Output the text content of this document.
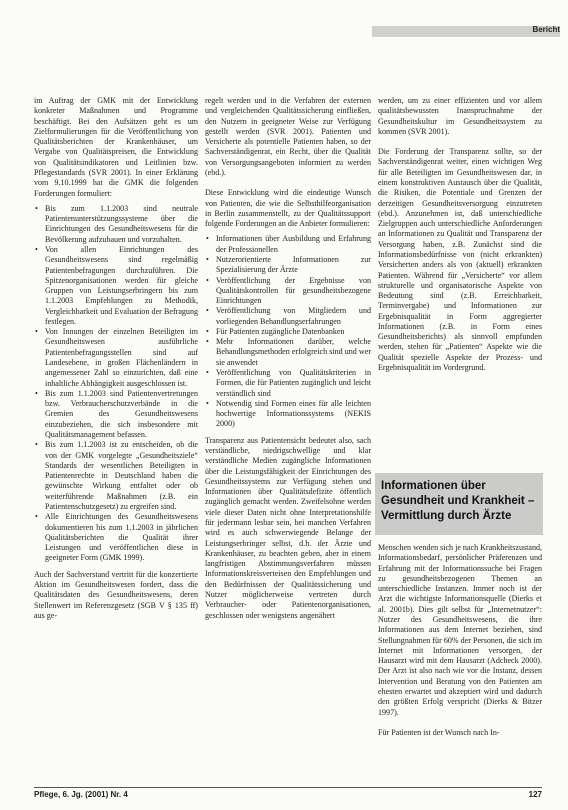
Bericht

im Auftrag der GMK mit der Entwicklung konkreter Maßnahmen und Programme beschäftigt. Bei den Aufsätzen geht es um Zielformulierungen für die Veröffentlichung von Qualitätsberichten der Krankenhäuser, um Vergabe von Qualitätspreisen, die Entwicklung von Qualitätsindikatoren und Leitlinien bzw. Pflegestandards (SVR 2001). In einer Erklärung vom 9.10.1999 hat die GMK die folgenden Forderungen formuliert:

• Bis zum 1.1.2003 sind neutrale Patientenunterstützungssysteme über die Einrichtungen des Gesundheitswesens für die Bevölkerung aufzubauen und vorzuhalten.
• Von allen Einrichtungen des Gesundheitswesens sind regelmäßig Patientenbefragungen durchzuführen. Die Spitzenorganisationen werden für gleiche Gruppen von Leistungserbringern bis zum 1.1.2003 Empfehlungen zu Methodik, Vergleichbarkeit und Evaluation der Befragung festlegen.
• Von Innungen der einzelnen Beteiligten im Gesundheitswesen ausführliche Patientenbefragungsstellen sind auf Landesebene, in großen Flächenländern in angemessener Zahl so einzurichten, daß eine inhaltliche Abhängigkeit ausgeschlossen ist.
• Bis zum 1.1.2003 sind Patientenvertretungen bzw. Verbraucherschutzverbände in die Gremien des Gesundheitswesens einzubeziehen, die sich insbesondere mit Qualitätsmanagement befassen.
• Bis zum 1.1.2003 ist zu entscheiden, ob die von der GMK vorgelegte „Gesundheitsziele“ Standards der wesentlichen Beteiligten in Patientenrechte in Deutschland haben die gewünschte Wirkung entfaltet oder ob weiterführende Maßnahmen (z.B. ein Patientenschutzgesetz) zu ergreifen sind.
• Alle Einrichtungen des Gesundheitswesens dokumentieren bis zum 1.1.2003 in jährlichen Qualitätsberichten die Qualität ihrer Leistungen und veröffentlichen diese in geeigneter Form (GMK 1999).

Auch der Sachverstand vertritt für die konzertierte Aktion im Gesundheitswesen fordert, dass die Qualitätsdaten des Gesundheitswesens, deren Stellenwert im Referenzgesetz (SGB V § 135 ff) aus ge-

regelt werden und in die Verfahren der externen und vergleichenden Qualitätssicherung einfließen, den Nutzern in geeigneter Weise zur Verfügung gestellt werden (SVR 2001). Patienten und Versicherte als potentielle Patienten haben, so der Sachverständigenrat, ein Recht, über die Qualität von Versorgungsangeboten informiert zu werden (ebd.).

Diese Entwicklung wird die eindeutige Wunsch von Patienten, die wie die Selbsthilfeorganisation in Berlin zusammenstellt, zu der Qualitätssupport folgende Forderungen an die Anbieter formulieren:

• Informationen über Ausbildung und Erfahrung der Professionellen
• Nutzerorientierte Informationen zur Spezialisierung der Ärzte
• Veröffentlichung der Ergebnisse von Qualitätskontrollen für gesundheitsbezogene Einrichtungen
• Veröffentlichung von Mitgliedern und vorliegenden Behandlungserfahrungen
• Für Patienten zugängliche Datenbanken
• Mehr Informationen darüber, welche Behandlungsmethoden erfolgreich sind und wer sie anwendet
• Veröffentlichung von Qualitätskriterien in Formen, die für Patienten zugänglich und leicht verständlich sind
• Notwendig sind Formen eines für alle leichten hochwertige Informationssystems (NEKIS 2000)

Transparenz aus Patientensicht bedeutet also, sach verständliche, niedrigschwellige und klar verständliche Medien zugängliche Informationen über die Leistungsfähigkeit der Einrichtungen des Gesundheitssystems zur Verfügung stehen und Informationen über Qualitätsdefizite öffentlich zugänglich gemacht werden. Zweifelsohne werden viele dieser Daten nicht ohne Interpretationshilfe für jedermann lesbar sein, bei manchen Verfahren wird es auch schwerwiegende Belange der Leistungserbringer selbst, d.h. der Ärzte und Krankenhäuser, zu beachten geben, aber in einem langfristigen Abstimmungsverfahren müssen Informationskreisverteisen den Empfehlungen und den Bedürfnissen der Qualitätssicherung und Nutzer möglicherweise vertreten durch Verbraucher- oder Patientenorganisationen, geschlossen oder wenigstens angenähert

werden, um zu einer effizienten und vor allem qualitätsbewussten Inanspruchnahme der Gesundheitskultur im Gesundheitssystem zu kommen (SVR 2001).

Die Forderung der Transparenz sollte, so der Sachverständigenrat weiter, einen wichtigen Weg für alle Beteiligten im Gesundheitswesen dar, in einem konstruktiven Austausch über die Qualität, die Risiken, die Potentiale und Grenzen der derzeitigen Gesundheitsversorgung einzutreten (ebd.). Anzunehmen ist, daß unterschiedliche Zielgruppen auch unterschiedliche Anforderungen an Informationen zu Qualität und Transparenz der Versorgung haben, z.B. Zunächst sind die Informationsbedürfnisse von (nicht erkrankten) Versicherten anders als von (aktuell) erkrankten Patienten. Während für „Versicherte“ vor allem strukturelle und organisatorische Aspekte von Bedeutung sind (z.B. Erreichbarkeit, Terminvergabe) und Informationen zur Ergebnisqualität in Form aggregierter Informationen (z.B. in Form eines Gesundheitsberichts) als sinnvoll empfunden werden, stehen für „Patienten“ Aspekte wie die Qualität spezielle Aspekte der Prozess- und Ergebnisqualität im Vordergrund.

Informationen über Gesundheit und Krankheit – Vermittlung durch Ärzte

Menschen wenden sich je nach Krankheitszustand, Informationsbedarf, persönlicher Präferenzen und Erfahrung mit der Informationssuche bei Fragen zu gesundheitsbezogenen Themen an unterschiedliche Instanzen. Immer noch ist der Arzt die wichtigste Informationsquelle (Dierks et al. 2001b). Dies gilt selbst für „Internetnutzer“: Nutzer des Gesundheitswesens, die ihre Informationen aus dem Internet beziehen, sind Stellungnahmen für 60% der Personen, die sich im Internet mit Informationen versorgen, der Hausarzt wird mit dem Hausarzt (Adcheck 2000). Der Arzt ist also nach wie vor die Instanz, dessen Intervention und Beratung von den Patienten am ehesten erwartet und akzeptiert wird und dadurch den größten Erfolg verspricht (Dierks & Bitzer 1997).

Für Patienten ist der Wunsch nach In-

Pflege, 6. Jg. (2001) Nr. 4	127
